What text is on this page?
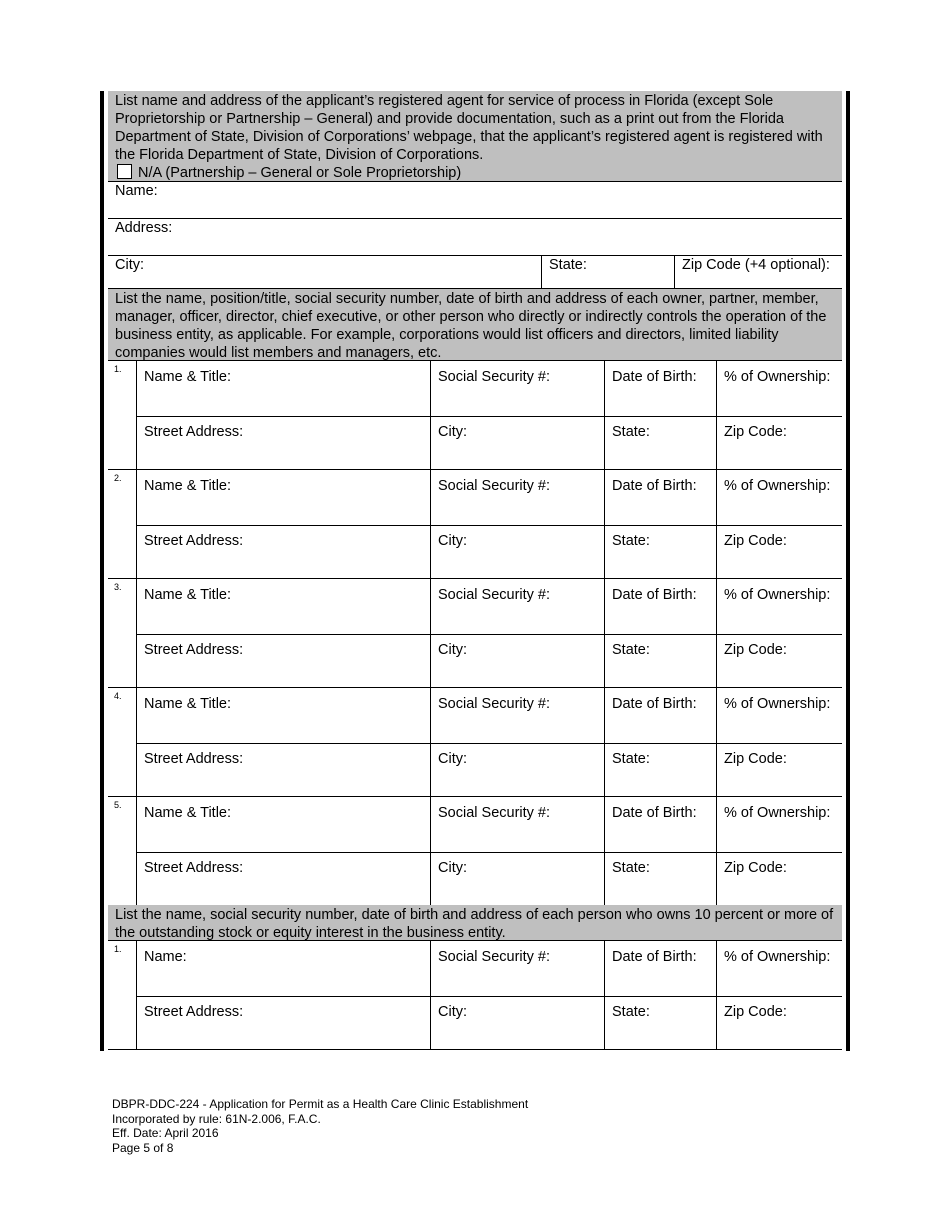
List name and address of the applicant’s registered agent for service of process in Florida (except Sole Proprietorship or Partnership – General) and provide documentation, such as a print out from the Florida Department of State, Division of Corporations’ webpage, that the applicant’s registered agent is registered with the Florida Department of State, Division of Corporations.
N/A (Partnership – General or Sole Proprietorship)
Name:
Address:
City:	State:	Zip Code (+4 optional):
List the name, position/title, social security number, date of birth and address of each owner, partner, member, manager, officer, director, chief executive, or other person who directly or indirectly controls the operation of the business entity, as applicable. For example, corporations would list officers and directors, limited liability companies would list members and managers, etc.
1.	Name & Title:	Social Security #:	Date of Birth:	% of Ownership:
Street Address:	City:	State:	Zip Code:
2.	Name & Title:	Social Security #:	Date of Birth:	% of Ownership:
Street Address:	City:	State:	Zip Code:
3.	Name & Title:	Social Security #:	Date of Birth:	% of Ownership:
Street Address:	City:	State:	Zip Code:
4.	Name & Title:	Social Security #:	Date of Birth:	% of Ownership:
Street Address:	City:	State:	Zip Code:
5.	Name & Title:	Social Security #:	Date of Birth:	% of Ownership:
Street Address:	City:	State:	Zip Code:
List the name, social security number, date of birth and address of each person who owns 10 percent or more of the outstanding stock or equity interest in the business entity.
1.	Name:	Social Security #:	Date of Birth:	% of Ownership:
Street Address:	City:	State:	Zip Code:
DBPR-DDC-224 - Application for Permit as a Health Care Clinic Establishment
Incorporated by rule: 61N-2.006, F.A.C.
Eff. Date: April 2016
Page 5 of 8
